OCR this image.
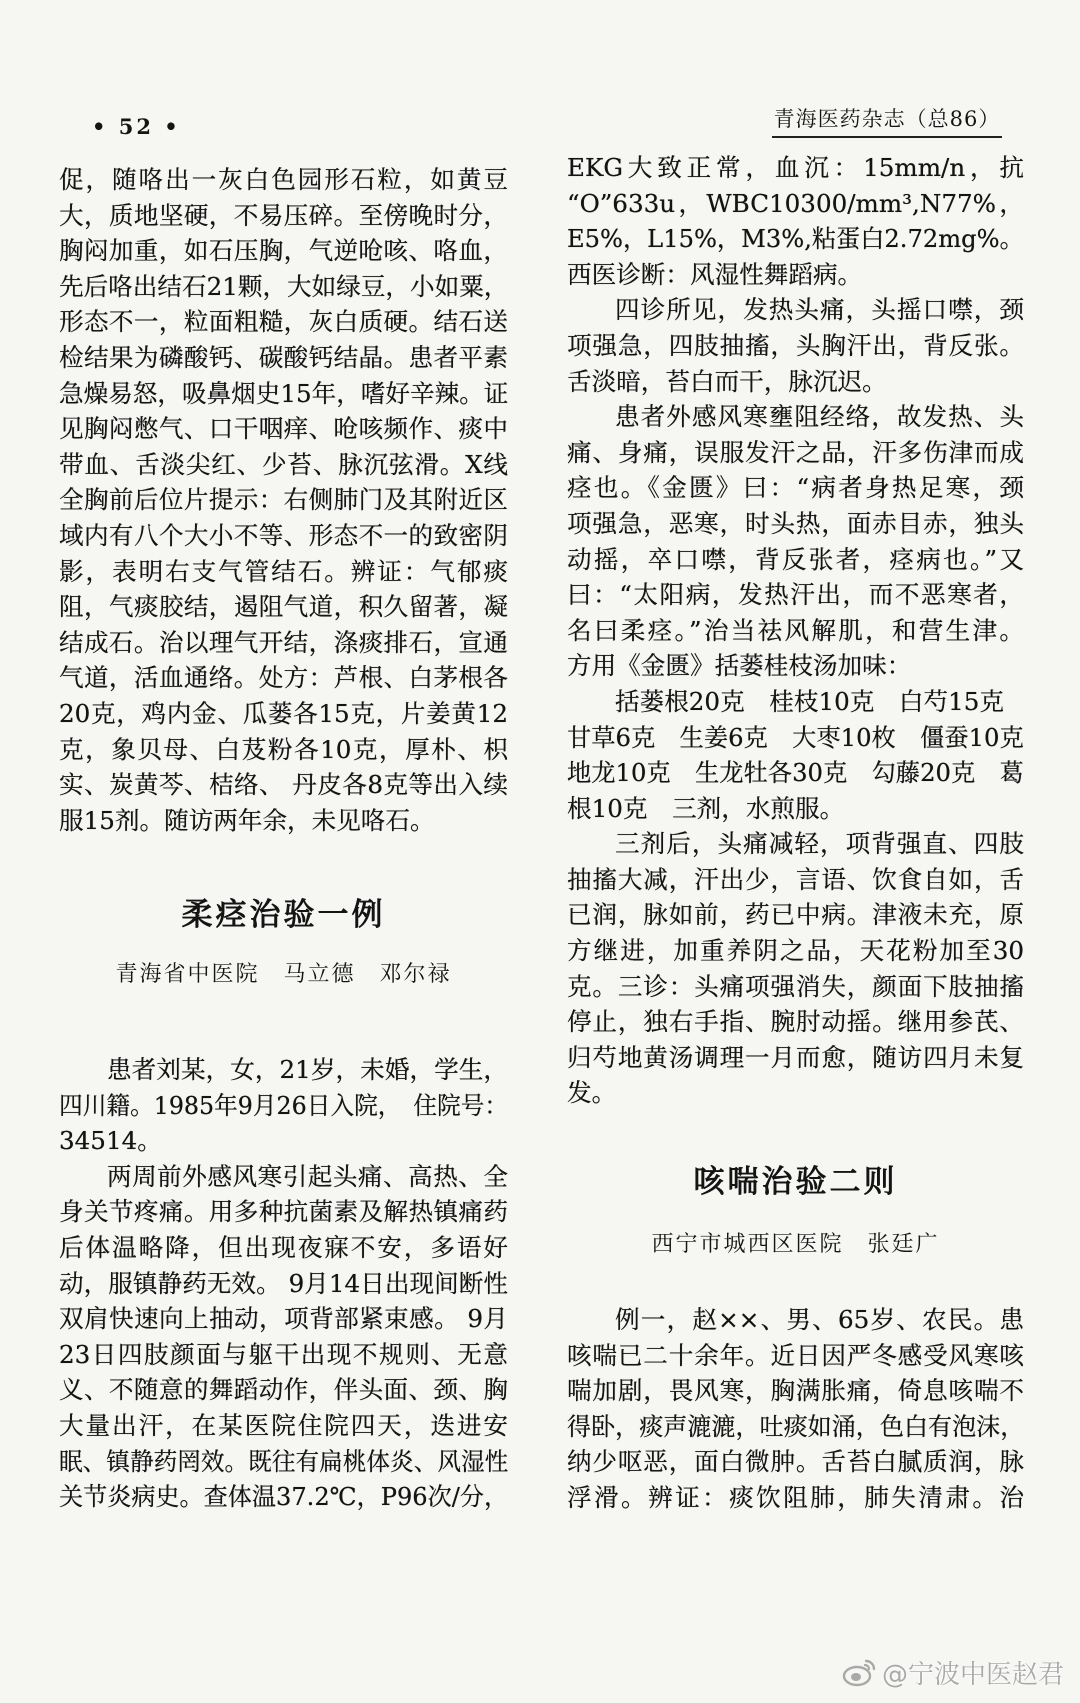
• 52 •	青海医药杂志（总86）
促，随咯出一灰白色园形石粒，如黄豆
大，质地坚硬，不易压碎。至傍晚时分，
胸闷加重，如石压胸，气逆呛咳、咯血，
先后咯出结石21颗，大如绿豆，小如粟，
形态不一，粒面粗糙，灰白质硬。结石送
检结果为磷酸钙、碳酸钙结晶。患者平素
急燥易怒，吸鼻烟史15年，嗜好辛辣。证
见胸闷憋气、口干咽痒、呛咳频作、痰中
带血、舌淡尖红、少苔、脉沉弦滑。X线
全胸前后位片提示：右侧肺门及其附近区
域内有八个大小不等、形态不一的致密阴
影，表明右支气管结石。辨证：气郁痰
阻，气痰胶结，遏阻气道，积久留著，凝
结成石。治以理气开结，涤痰排石，宣通
气道，活血通络。处方：芦根、白茅根各
20克，鸡内金、瓜蒌各15克，片姜黄12
克，象贝母、白芨粉各10克，厚朴、枳
实、炭黄芩、桔络、 丹皮各8克等出入续
服15剂。随访两年余，未见咯石。
柔痉治验一例
青海省中医院　马立德　邓尔禄
患者刘某，女，21岁，未婚，学生，
四川籍。1985年9月26日入院，　住院号：
34514。
两周前外感风寒引起头痛、高热、全
身关节疼痛。用多种抗菌素及解热镇痛药
后体温略降，但出现夜寐不安，多语好
动，服镇静药无效。 9月14日出现间断性
双肩快速向上抽动，项背部紧束感。 9月
23日四肢颜面与躯干出现不规则、无意
义、不随意的舞蹈动作，伴头面、颈、胸
大量出汗，在某医院住院四天，迭进安
眠、镇静药罔效。既往有扁桃体炎、风湿性
关节炎病史。查体温37.2℃，P96次/分，
EKG大致正常，血沉：15mm/n，抗
“O”633u，WBC10300/mm³,N77%，
E5%，L15%，M3%,粘蛋白2.72mg%。
西医诊断：风湿性舞蹈病。
四诊所见，发热头痛，头摇口噤，颈
项强急，四肢抽搐，头胸汗出，背反张。
舌淡暗，苔白而干，脉沉迟。
患者外感风寒壅阻经络，故发热、头
痛、身痛，误服发汗之品，汗多伤津而成
痉也。《金匮》曰：“病者身热足寒，颈
项强急，恶寒，时头热，面赤目赤，独头
动摇，卒口噤，背反张者，痉病也。”又
曰：“太阳病，发热汗出，而不恶寒者，
名曰柔痉。”治当祛风解肌，和营生津。
方用《金匮》括蒌桂枝汤加味：
括蒌根20克　桂枝10克　白芍15克
甘草6克　生姜6克　大枣10枚　僵蚕10克
地龙10克　生龙牡各30克　勾藤20克　葛
根10克　三剂，水煎服。
三剂后，头痛减轻，项背强直、四肢
抽搐大减，汗出少，言语、饮食自如，舌
已润，脉如前，药已中病。津液未充，原
方继进，加重养阴之品，天花粉加至30
克。三诊：头痛项强消失，颜面下肢抽搐
停止，独右手指、腕肘动摇。继用参芪、
归芍地黄汤调理一月而愈，随访四月未复
发。
咳喘治验二则
西宁市城西区医院　张廷广
例一，赵××、男、65岁、农民。患
咳喘已二十余年。近日因严冬感受风寒咳
喘加剧，畏风寒，胸满胀痛，倚息咳喘不
得卧，痰声漉漉，吐痰如涌，色白有泡沫，
纳少呕恶，面白微肿。舌苔白腻质润，脉
浮滑。辨证：痰饮阻肺，肺失清肃。治
@宁波中医赵君
